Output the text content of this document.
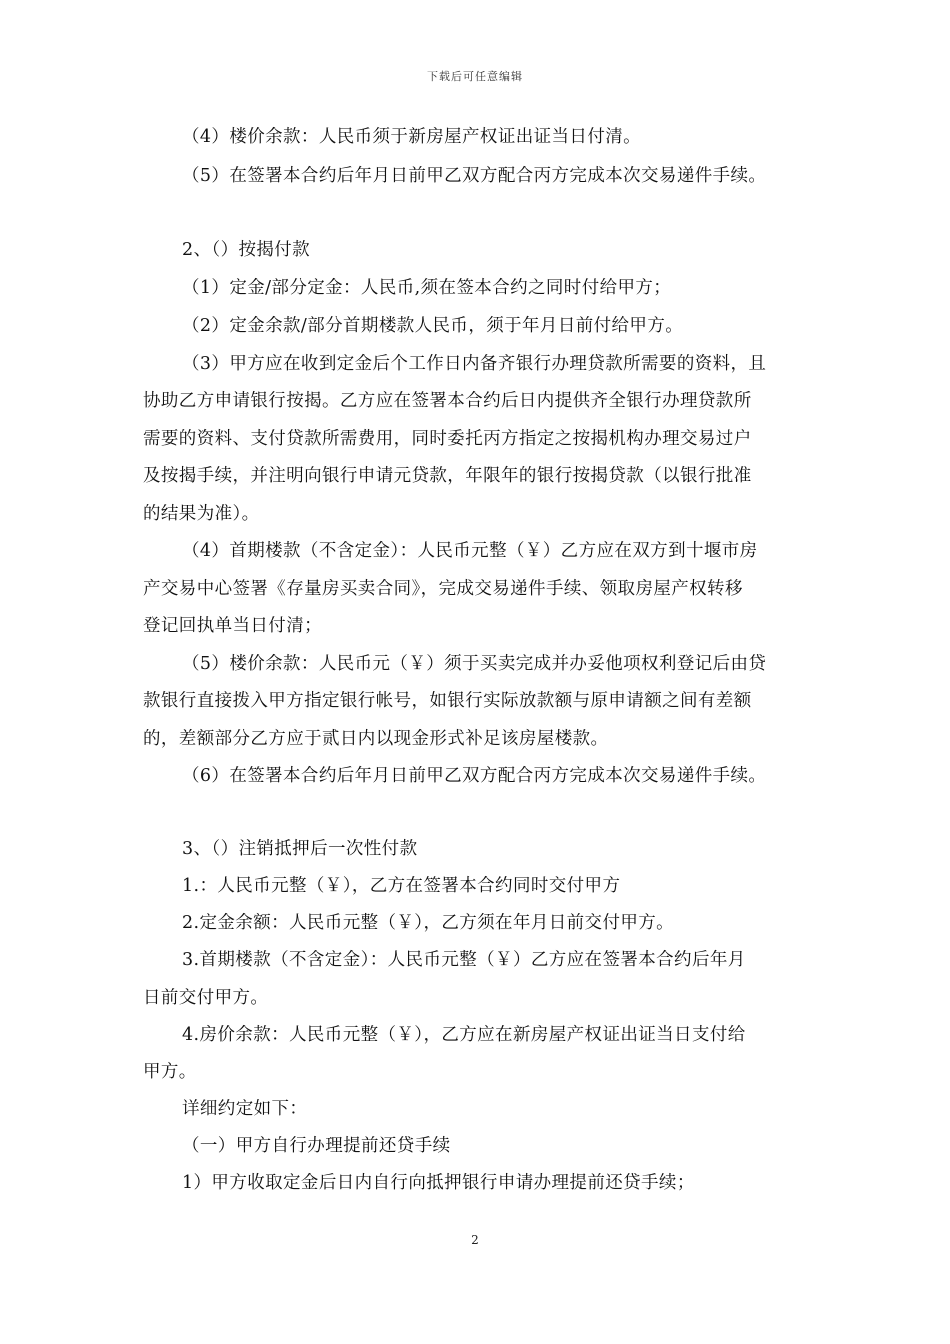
下载后可任意编辑
（4）楼价余款：人民币须于新房屋产权证出证当日付清。
（5）在签署本合约后年月日前甲乙双方配合丙方完成本次交易递件手续。
2、（）按揭付款
（1）定金/部分定金：人民币,须在签本合约之同时付给甲方；
（2）定金余款/部分首期楼款人民币，须于年月日前付给甲方。
（3）甲方应在收到定金后个工作日内备齐银行办理贷款所需要的资料，且
协助乙方申请银行按揭。乙方应在签署本合约后日内提供齐全银行办理贷款所
需要的资料、支付贷款所需费用，同时委托丙方指定之按揭机构办理交易过户
及按揭手续，并注明向银行申请元贷款，年限年的银行按揭贷款（以银行批准
的结果为准）。
（4）首期楼款（不含定金）：人民币元整（￥）乙方应在双方到十堰市房
产交易中心签署《存量房买卖合同》，完成交易递件手续、领取房屋产权转移
登记回执单当日付清；
（5）楼价余款：人民币元（￥）须于买卖完成并办妥他项权利登记后由贷
款银行直接拨入甲方指定银行帐号，如银行实际放款额与原申请额之间有差额
的，差额部分乙方应于贰日内以现金形式补足该房屋楼款。
（6）在签署本合约后年月日前甲乙双方配合丙方完成本次交易递件手续。
3、（）注销抵押后一次性付款
1.：人民币元整（￥），乙方在签署本合约同时交付甲方
2.定金余额：人民币元整（￥），乙方须在年月日前交付甲方。
3.首期楼款（不含定金）：人民币元整（￥）乙方应在签署本合约后年月
日前交付甲方。
4.房价余款：人民币元整（￥），乙方应在新房屋产权证出证当日支付给
甲方。
详细约定如下：
（一）甲方自行办理提前还贷手续
1）甲方收取定金后日内自行向抵押银行申请办理提前还贷手续；
2
